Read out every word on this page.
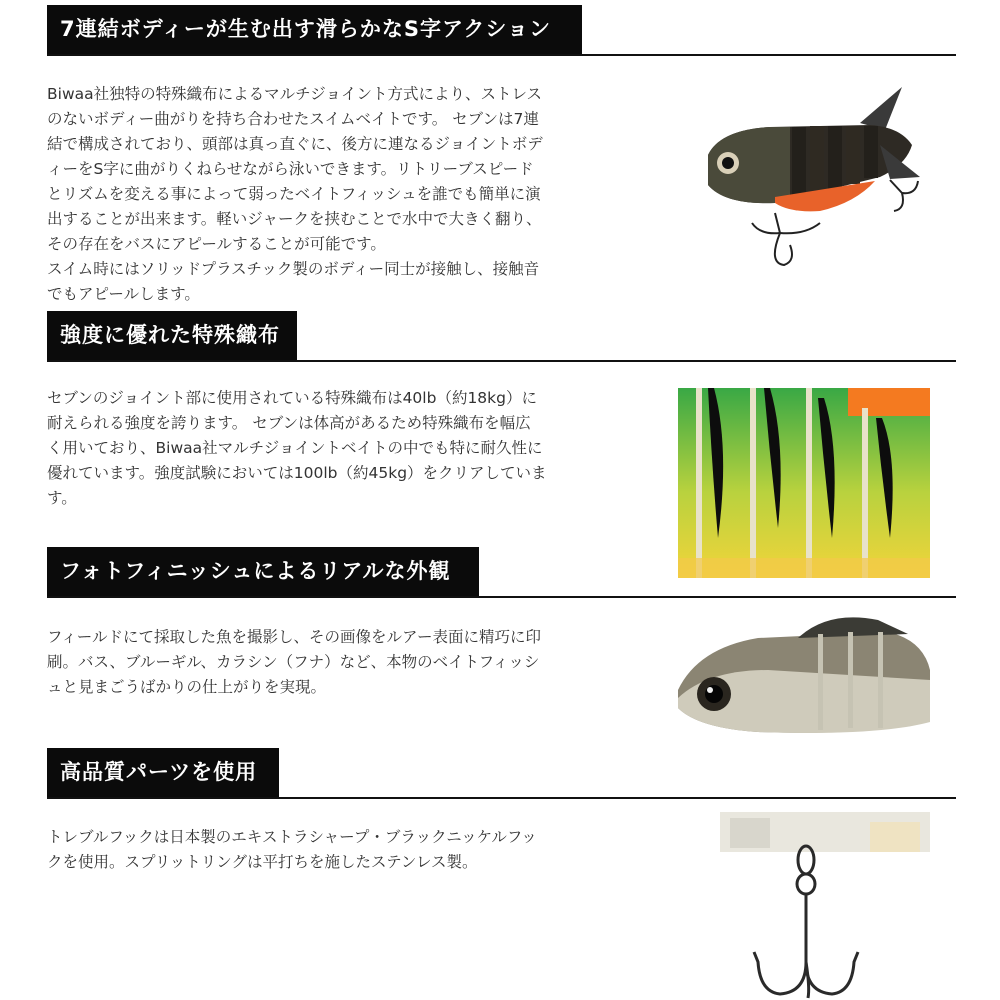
7連結ボディーが生む出す滑らかなS字アクション

Biwaa社独特の特殊織布によるマルチジョイント方式により、ストレス
のないボディー曲がりを持ち合わせたスイムベイトです。 セブンは7連
結で構成されており、頭部は真っ直ぐに、後方に連なるジョイントボデ
ィーをS字に曲がりくねらせながら泳いできます。リトリーブスピード
とリズムを変える事によって弱ったベイトフィッシュを誰でも簡単に演
出することが出来ます。軽いジャークを挟むことで水中で大きく翻り、
その存在をバスにアピールすることが可能です。
スイム時にはソリッドプラスチック製のボディー同士が接触し、接触音
でもアピールします。

強度に優れた特殊織布

セブンのジョイント部に使用されている特殊織布は40lb（約18kg）に
耐えられる強度を誇ります。 セブンは体高があるため特殊織布を幅広
く用いており、Biwaa社マルチジョイントベイトの中でも特に耐久性に
優れています。強度試験においては100lb（約45kg）をクリアしていま
す。

フォトフィニッシュによるリアルな外観

フィールドにて採取した魚を撮影し、その画像をルアー表面に精巧に印
刷。バス、ブルーギル、カラシン（フナ）など、本物のベイトフィッシ
ュと見まごうばかりの仕上がりを実現。

高品質パーツを使用

トレブルフックは日本製のエキストラシャープ・ブラックニッケルフッ
クを使用。スプリットリングは平打ちを施したステンレス製。
